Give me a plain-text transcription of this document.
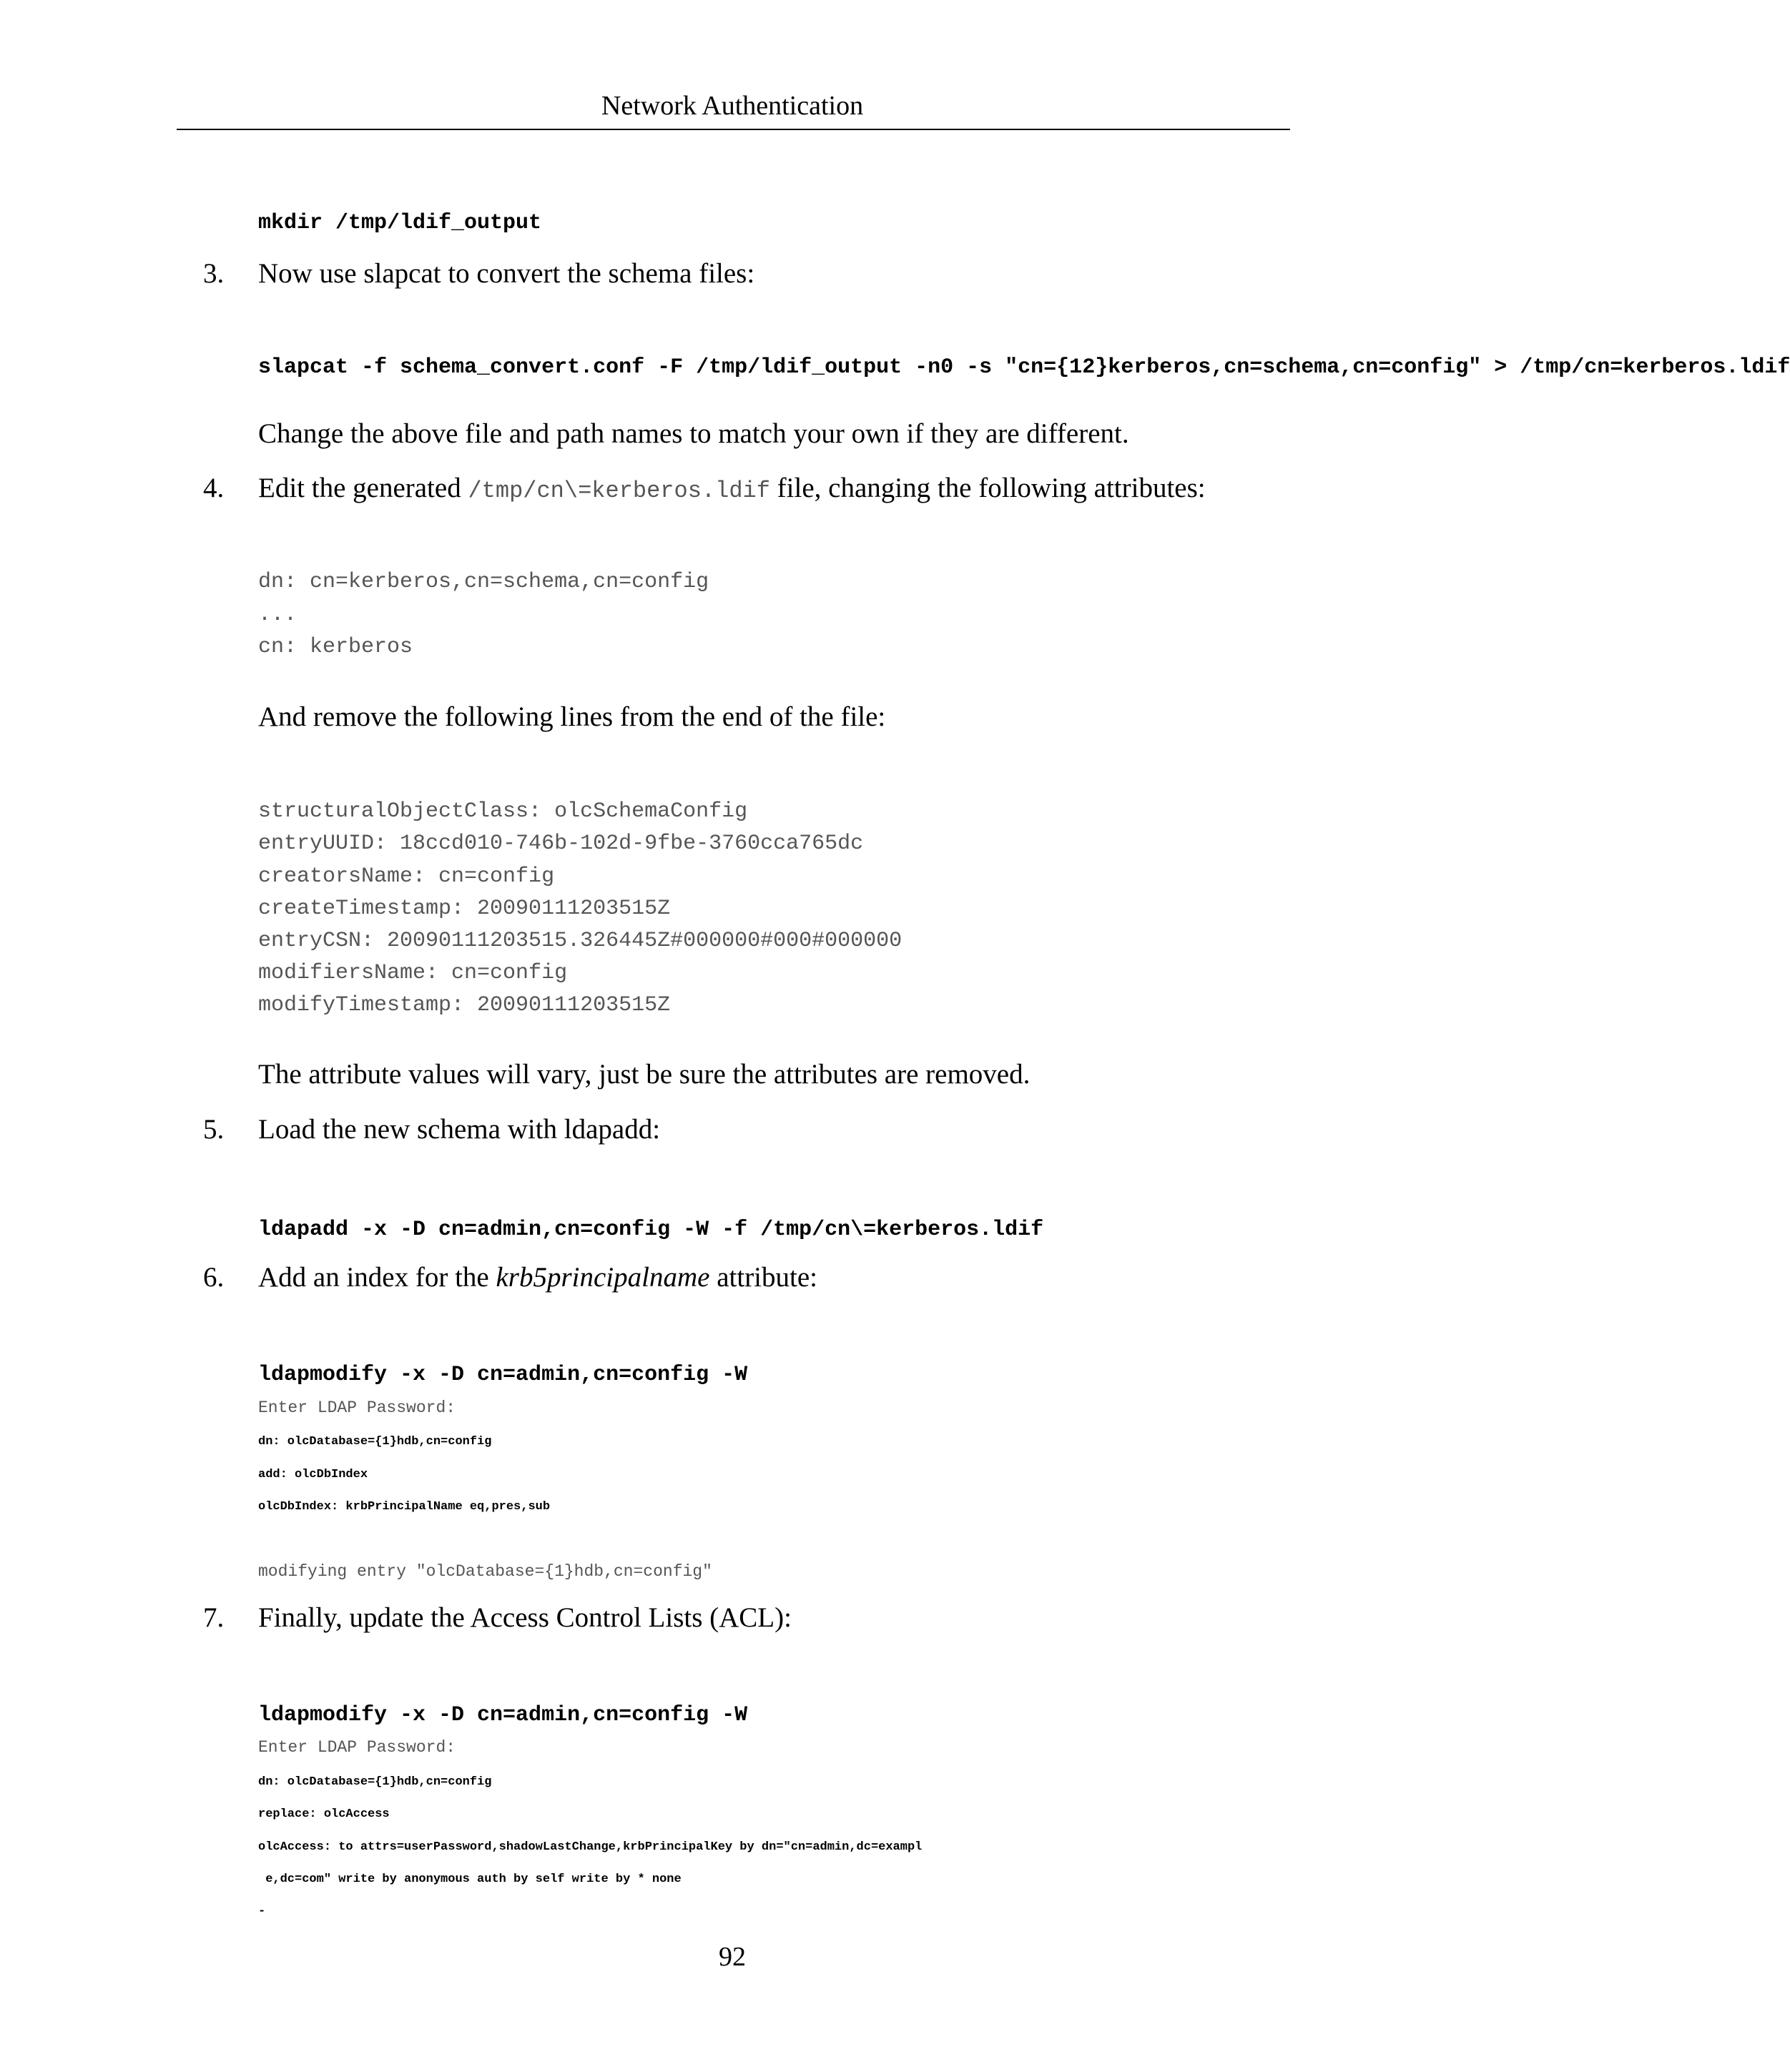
Network Authentication
mkdir /tmp/ldif_output
3. Now use slapcat to convert the schema files:
slapcat -f schema_convert.conf -F /tmp/ldif_output -n0 -s "cn={12}kerberos,cn=schema,cn=config" > /tmp/cn=kerberos.ldif
Change the above file and path names to match your own if they are different.
4. Edit the generated /tmp/cn\=kerberos.ldif file, changing the following attributes:
dn: cn=kerberos,cn=schema,cn=config
...
cn: kerberos
And remove the following lines from the end of the file:
structuralObjectClass: olcSchemaConfig
entryUUID: 18ccd010-746b-102d-9fbe-3760cca765dc
creatorsName: cn=config
createTimestamp: 20090111203515Z
entryCSN: 20090111203515.326445Z#000000#000#000000
modifiersName: cn=config
modifyTimestamp: 20090111203515Z
The attribute values will vary, just be sure the attributes are removed.
5. Load the new schema with ldapadd:
ldapadd -x -D cn=admin,cn=config -W -f /tmp/cn\=kerberos.ldif
6. Add an index for the krb5principalname attribute:
ldapmodify -x -D cn=admin,cn=config -W
Enter LDAP Password:
dn: olcDatabase={1}hdb,cn=config
add: olcDbIndex
olcDbIndex: krbPrincipalName eq,pres,sub
modifying entry "olcDatabase={1}hdb,cn=config"
7. Finally, update the Access Control Lists (ACL):
ldapmodify -x -D cn=admin,cn=config -W
Enter LDAP Password:
dn: olcDatabase={1}hdb,cn=config
replace: olcAccess
olcAccess: to attrs=userPassword,shadowLastChange,krbPrincipalKey by dn="cn=admin,dc=exampl
e,dc=com" write by anonymous auth by self write by * none
-
92
